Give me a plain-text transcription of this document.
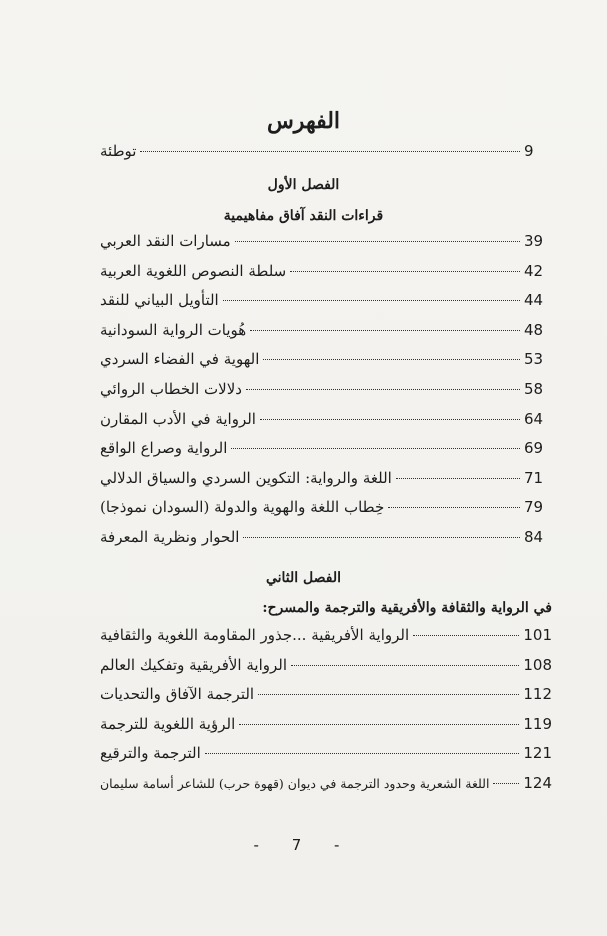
الفهرس
توطئة	9
الفصل الأول
قراءات النقد آفاق مفاهيمية
مسارات النقد العربي	39
سلطة النصوص اللغوية العربية	42
التأويل البياني للنقد	44
هُويات الرواية السودانية	48
الهوية في الفضاء السردي	53
دلالات الخطاب الروائي	58
الرواية في الأدب المقارن	64
الرواية وصراع الواقع	69
اللغة والرواية: التكوين السردي والسياق الدلالي	71
خِطاب اللغة والهوية والدولة (السودان نموذجا)	79
الحوار ونظرية المعرفة	84
الفصل الثاني
في الرواية والثقافة والأفريقية والترجمة والمسرح:
الرواية الأفريقية ...جذور المقاومة اللغوية والثقافية	101
الرواية الأفريقية وتفكيك العالم	108
الترجمة الآفاق والتحديات	112
الرؤية اللغوية للترجمة	119
الترجمة والترقيع	121
اللغة الشعرية وحدود الترجمة في ديوان (قهوة حرب) للشاعر أسامة سليمان 124
- 7 -
